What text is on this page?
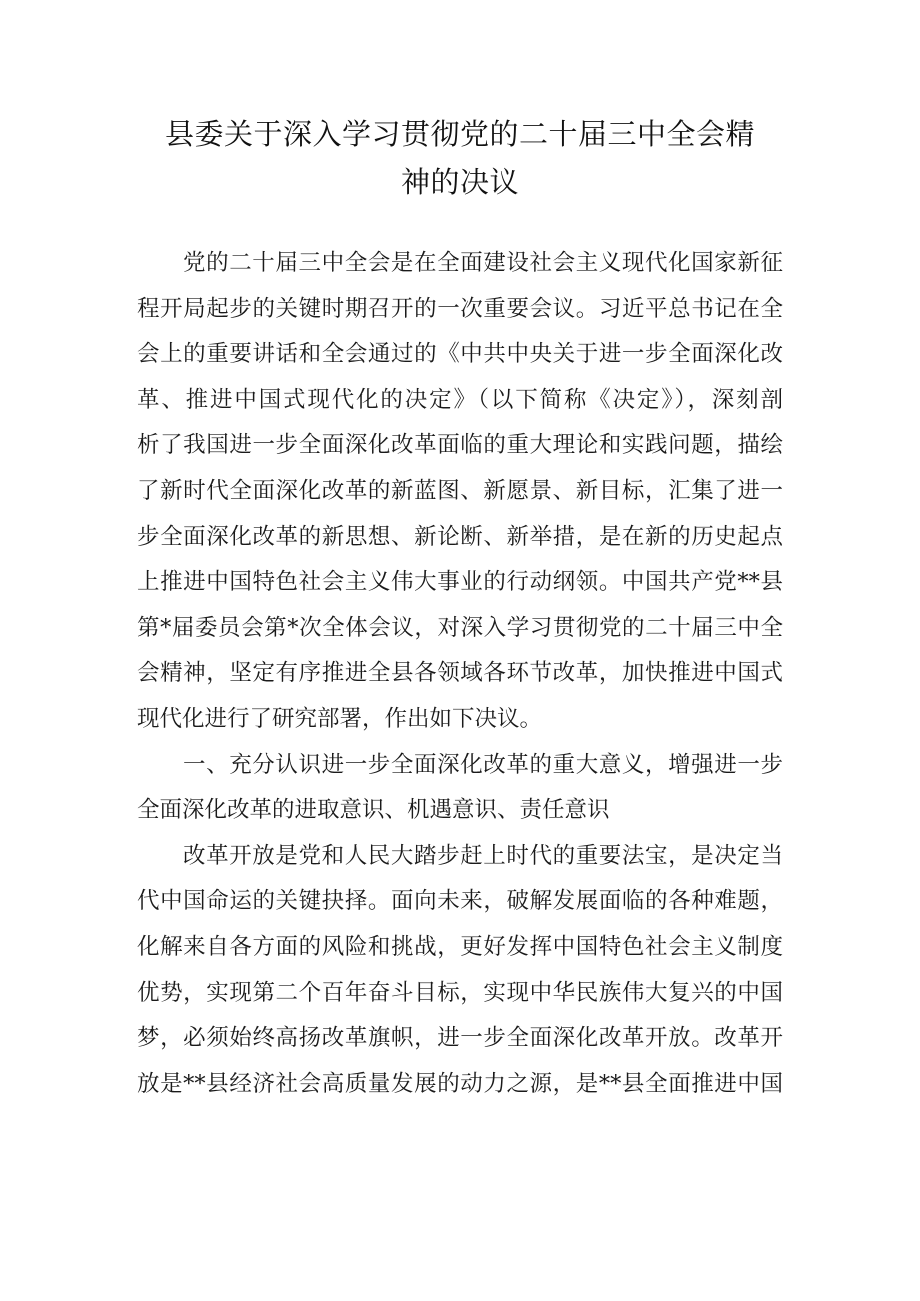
县委关于深入学习贯彻党的二十届三中全会精
神的决议
党的二十届三中全会是在全面建设社会主义现代化国家新征
程开局起步的关键时期召开的一次重要会议。习近平总书记在全
会上的重要讲话和全会通过的《中共中央关于进一步全面深化改
革、推进中国式现代化的决定》（以下简称《决定》），深刻剖
析了我国进一步全面深化改革面临的重大理论和实践问题，描绘
了新时代全面深化改革的新蓝图、新愿景、新目标，汇集了进一
步全面深化改革的新思想、新论断、新举措，是在新的历史起点
上推进中国特色社会主义伟大事业的行动纲领。中国共产党**县
第*届委员会第*次全体会议，对深入学习贯彻党的二十届三中全
会精神，坚定有序推进全县各领域各环节改革，加快推进中国式
现代化进行了研究部署，作出如下决议。
一、充分认识进一步全面深化改革的重大意义，增强进一步
全面深化改革的进取意识、机遇意识、责任意识
改革开放是党和人民大踏步赶上时代的重要法宝，是决定当
代中国命运的关键抉择。面向未来，破解发展面临的各种难题，
化解来自各方面的风险和挑战，更好发挥中国特色社会主义制度
优势，实现第二个百年奋斗目标，实现中华民族伟大复兴的中国
梦，必须始终高扬改革旗帜，进一步全面深化改革开放。改革开
放是**县经济社会高质量发展的动力之源，是**县全面推进中国
